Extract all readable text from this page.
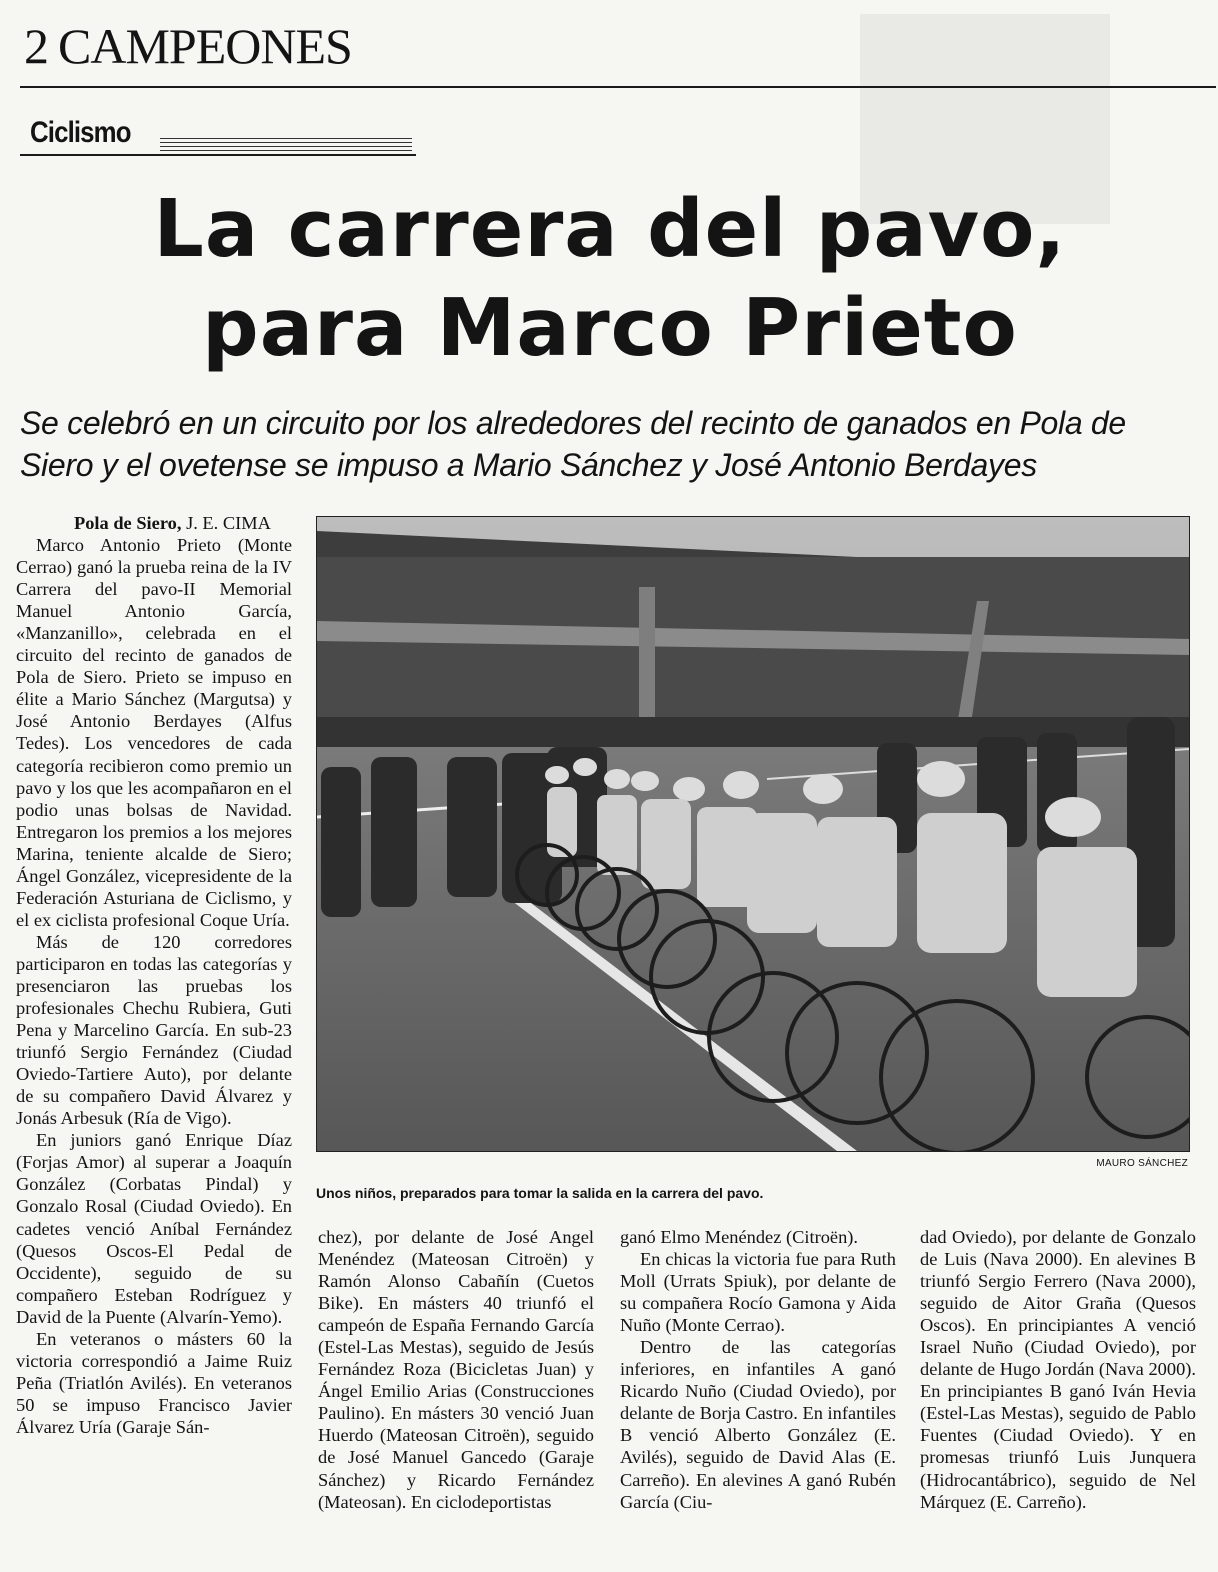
2 CAMPEONES
Ciclismo
La carrera del pavo,
para Marco Prieto

Se celebró en un circuito por los alrededores del recinto de ganados en Pola de Siero y el ovetense se impuso a Mario Sánchez y José Antonio Berdayes

Pola de Siero, J. E. CIMA

Marco Antonio Prieto (Monte Cerrao) ganó la prueba reina de la IV Carrera del pavo-II Memorial Manuel Antonio García, «Manzanillo», celebrada en el circuito del recinto de ganados de Pola de Siero. Prieto se impuso en élite a Mario Sánchez (Margutsa) y José Antonio Berdayes (Alfus Tedes). Los vencedores de cada categoría recibieron como premio un pavo y los que les acompañaron en el podio unas bolsas de Navidad. Entregaron los premios a los mejores Marina, teniente alcalde de Siero; Ángel González, vicepresidente de la Federación Asturiana de Ciclismo, y el ex ciclista profesional Coque Uría.

Más de 120 corredores participaron en todas las categorías y presenciaron las pruebas los profesionales Chechu Rubiera, Guti Pena y Marcelino García. En sub-23 triunfó Sergio Fernández (Ciudad Oviedo-Tartiere Auto), por delante de su compañero David Álvarez y Jonás Arbesuk (Ría de Vigo).

En juniors ganó Enrique Díaz (Forjas Amor) al superar a Joaquín González (Corbatas Pindal) y Gonzalo Rosal (Ciudad Oviedo). En cadetes venció Aníbal Fernández (Quesos Oscos-El Pedal de Occidente), seguido de su compañero Esteban Rodríguez y David de la Puente (Alvarín-Yemo).

En veteranos o másters 60 la victoria correspondió a Jaime Ruiz Peña (Triatlón Avilés). En veteranos 50 se impuso Francisco Javier Álvarez Uría (Garaje Sán-

MAURO SÁNCHEZ
Unos niños, preparados para tomar la salida en la carrera del pavo.

chez), por delante de José Angel Menéndez (Mateosan Citroën) y Ramón Alonso Cabañín (Cuetos Bike). En másters 40 triunfó el campeón de España Fernando García (Estel-Las Mestas), seguido de Jesús Fernández Roza (Bicicletas Juan) y Ángel Emilio Arias (Construcciones Paulino). En másters 30 venció Juan Huerdo (Mateosan Citroën), seguido de José Manuel Gancedo (Garaje Sánchez) y Ricardo Fernández (Mateosan). En ciclodeportistas

ganó Elmo Menéndez (Citroën).

En chicas la victoria fue para Ruth Moll (Urrats Spiuk), por delante de su compañera Rocío Gamona y Aida Nuño (Monte Cerrao).

Dentro de las categorías inferiores, en infantiles A ganó Ricardo Nuño (Ciudad Oviedo), por delante de Borja Castro. En infantiles B venció Alberto González (E. Avilés), seguido de David Alas (E. Carreño). En alevines A ganó Rubén García (Ciu-

dad Oviedo), por delante de Gonzalo de Luis (Nava 2000). En alevines B triunfó Sergio Ferrero (Nava 2000), seguido de Aitor Graña (Quesos Oscos). En principiantes A venció Israel Nuño (Ciudad Oviedo), por delante de Hugo Jordán (Nava 2000). En principiantes B ganó Iván Hevia (Estel-Las Mestas), seguido de Pablo Fuentes (Ciudad Oviedo). Y en promesas triunfó Luis Junquera (Hidrocantábrico), seguido de Nel Márquez (E. Carreño).
